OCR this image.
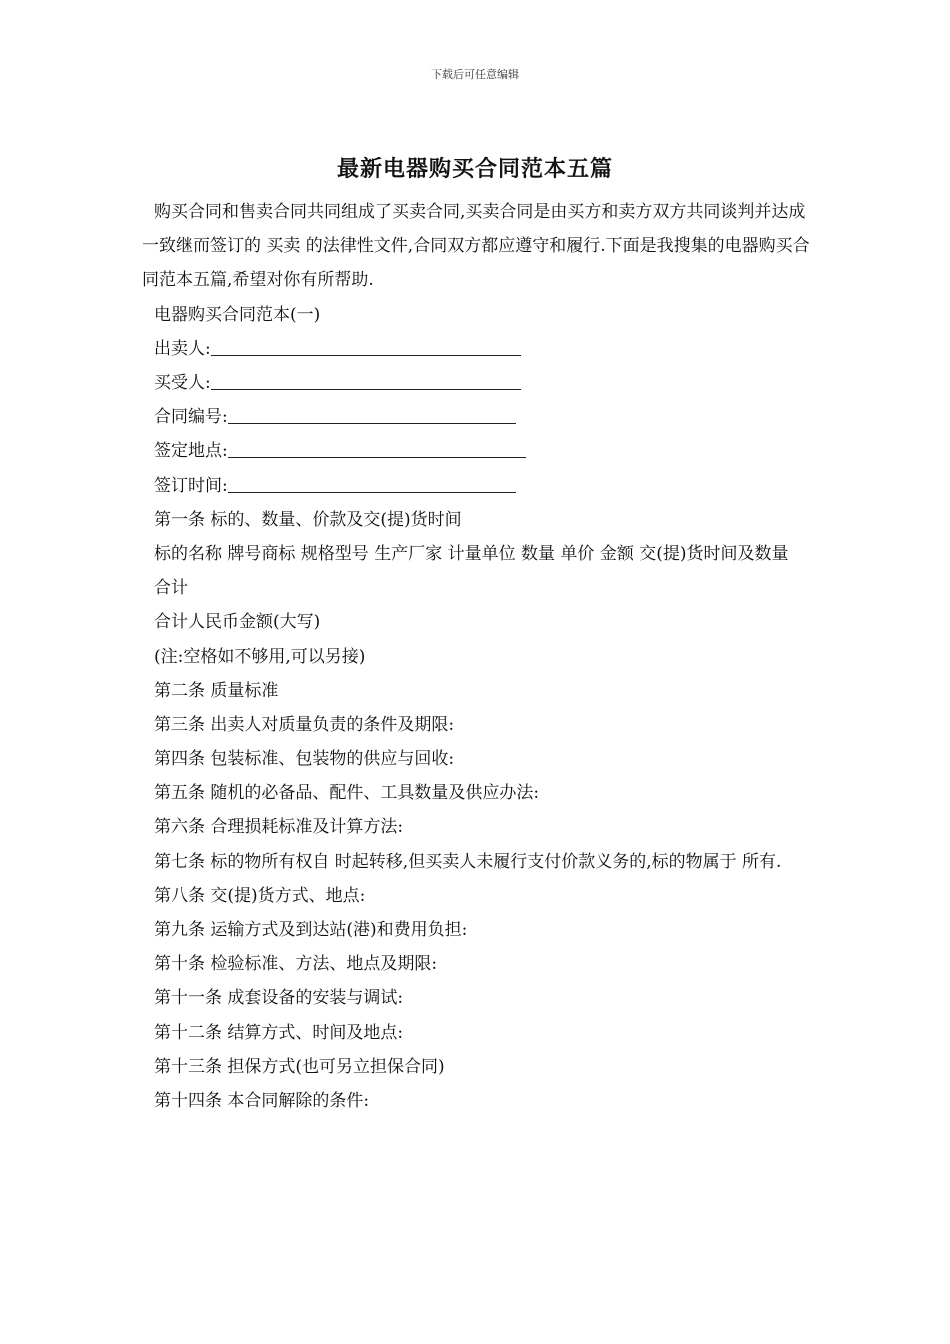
下载后可任意编辑
最新电器购买合同范本五篇
购买合同和售卖合同共同组成了买卖合同,买卖合同是由买方和卖方双方共同谈判并达成一致继而签订的 买卖 的法律性文件,合同双方都应遵守和履行.下面是我搜集的电器购买合同范本五篇,希望对你有所帮助.
电器购买合同范本(一)
出卖人:
买受人:
合同编号:
签定地点:
签订时间:
第一条 标的、数量、价款及交(提)货时间
标的名称 牌号商标 规格型号 生产厂家 计量单位 数量 单价 金额 交(提)货时间及数量
合计
合计人民币金额(大写)
(注:空格如不够用,可以另接)
第二条 质量标准
第三条 出卖人对质量负责的条件及期限:
第四条 包装标准、包装物的供应与回收:
第五条 随机的必备品、配件、工具数量及供应办法:
第六条 合理损耗标准及计算方法:
第七条 标的物所有权自 时起转移,但买卖人未履行支付价款义务的,标的物属于 所有.
第八条 交(提)货方式、地点:
第九条 运输方式及到达站(港)和费用负担:
第十条 检验标准、方法、地点及期限:
第十一条 成套设备的安装与调试:
第十二条 结算方式、时间及地点:
第十三条 担保方式(也可另立担保合同)
第十四条 本合同解除的条件:
